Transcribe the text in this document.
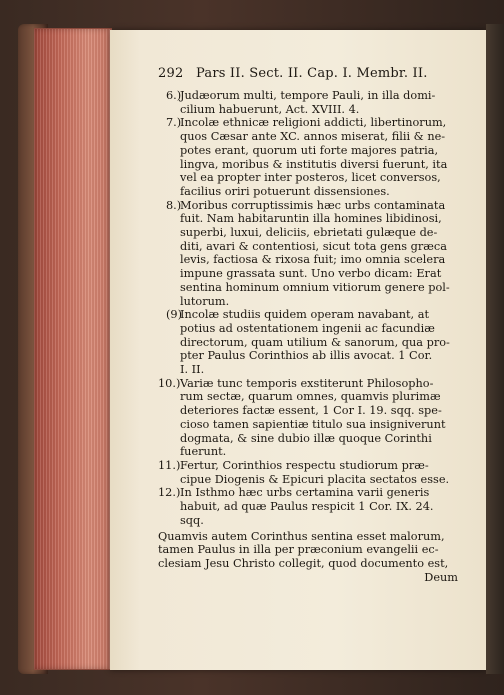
292 Pars II. Sect. II. Cap. I. Membr. II.
6.)
Judæorum multi, tempore Pauli, in illa domi-
cilium habuerunt, Act. XVIII. 4.
7.)
Incolæ ethnicæ religioni addicti, libertinorum,
quos Cæsar ante XC. annos miserat, filii & ne-
potes erant, quorum uti forte majores patria,
lingva, moribus & institutis diversi fuerunt, ita
vel ea propter inter posteros, licet conversos,
facilius oriri potuerunt dissensiones.
8.)
Moribus corruptissimis hæc urbs contaminata
fuit. Nam habitaruntin illa homines libidinosi,
superbi, luxui, deliciis, ebrietati gulæque de-
diti, avari & contentiosi, sicut tota gens græca
levis, factiosa & rixosa fuit; imo omnia scelera
impune grassata sunt. Uno verbo dicam: Erat
sentina hominum omnium vitiorum genere pol-
lutorum.
(9)
Incolæ studiis quidem operam navabant, at
potius ad ostentationem ingenii ac facundiæ
directorum, quam utilium & sanorum, qua pro-
pter Paulus Corinthios ab illis avocat. 1 Cor.
I. II.
10.) Variæ tunc temporis exstiterunt Philosopho-
rum sectæ, quarum omnes, quamvis plurimæ
deteriores factæ essent, 1 Cor I. 19. sqq. spe-
cioso tamen sapientiæ titulo sua insigniverunt
dogmata, & sine dubio illæ quoque Corinthi
fuerunt.
11.) Fertur, Corinthios respectu studiorum præ-
cipue Diogenis & Epicuri placita sectatos esse.
12.) In Isthmo hæc urbs certamina varii generis
habuit, ad quæ Paulus respicit 1 Cor. IX. 24.
sqq.
Quamvis autem Corinthus sentina esset malorum,
tamen Paulus in illa per præconium evangelii ec-
clesiam Jesu Christo collegit, quod documento est,
Deum
